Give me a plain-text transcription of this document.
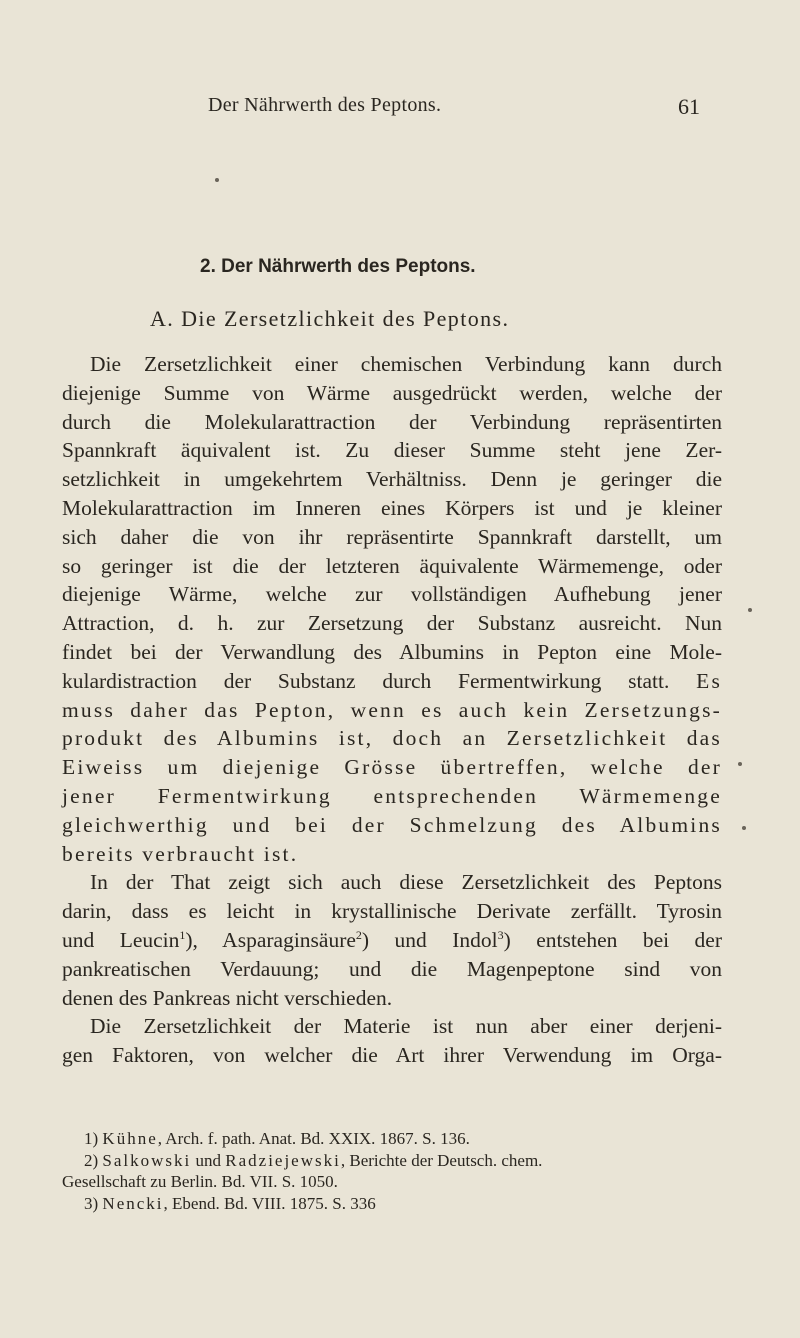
Der Nährwerth des Peptons.	61
2. Der Nährwerth des Peptons.
A. Die Zersetzlichkeit des Peptons.

Die Zersetzlichkeit einer chemischen Verbindung kann durch
diejenige Summe von Wärme ausgedrückt werden, welche der
durch die Molekularattraction der Verbindung repräsentirten
Spannkraft äquivalent ist. Zu dieser Summe steht jene Zer-
setzlichkeit in umgekehrtem Verhältniss. Denn je geringer die
Molekularattraction im Inneren eines Körpers ist und je kleiner
sich daher die von ihr repräsentirte Spannkraft darstellt, um
so geringer ist die der letzteren äquivalente Wärmemenge, oder
diejenige Wärme, welche zur vollständigen Aufhebung jener
Attraction, d. h. zur Zersetzung der Substanz ausreicht. Nun
findet bei der Verwandlung des Albumins in Pepton eine Mole-
kulardistraction der Substanz durch Fermentwirkung statt. Es
muss daher das Pepton, wenn es auch kein Zersetzungs-
produkt des Albumins ist, doch an Zersetzlichkeit das
Eiweiss um diejenige Grösse übertreffen, welche der
jener Fermentwirkung entsprechenden Wärmemenge
gleichwerthig und bei der Schmelzung des Albumins
bereits verbraucht ist.

In der That zeigt sich auch diese Zersetzlichkeit des Peptons
darin, dass es leicht in krystallinische Derivate zerfällt. Tyrosin
und Leucin$^1$), Asparaginsäure$^2$) und Indol$^3$) entstehen bei der
pankreatischen Verdauung; und die Magenpeptone sind von
denen des Pankreas nicht verschieden.

Die Zersetzlichkeit der Materie ist nun aber einer derjeni-
gen Faktoren, von welcher die Art ihrer Verwendung im Orga-

1) Kühne, Arch. f. path. Anat. Bd. XXIX. 1867. S. 136.
2) Salkowski und Radziejewski, Berichte der Deutsch. chem.
Gesellschaft zu Berlin. Bd. VII. S. 1050.
3) Nencki, Ebend. Bd. VIII. 1875. S. 336
